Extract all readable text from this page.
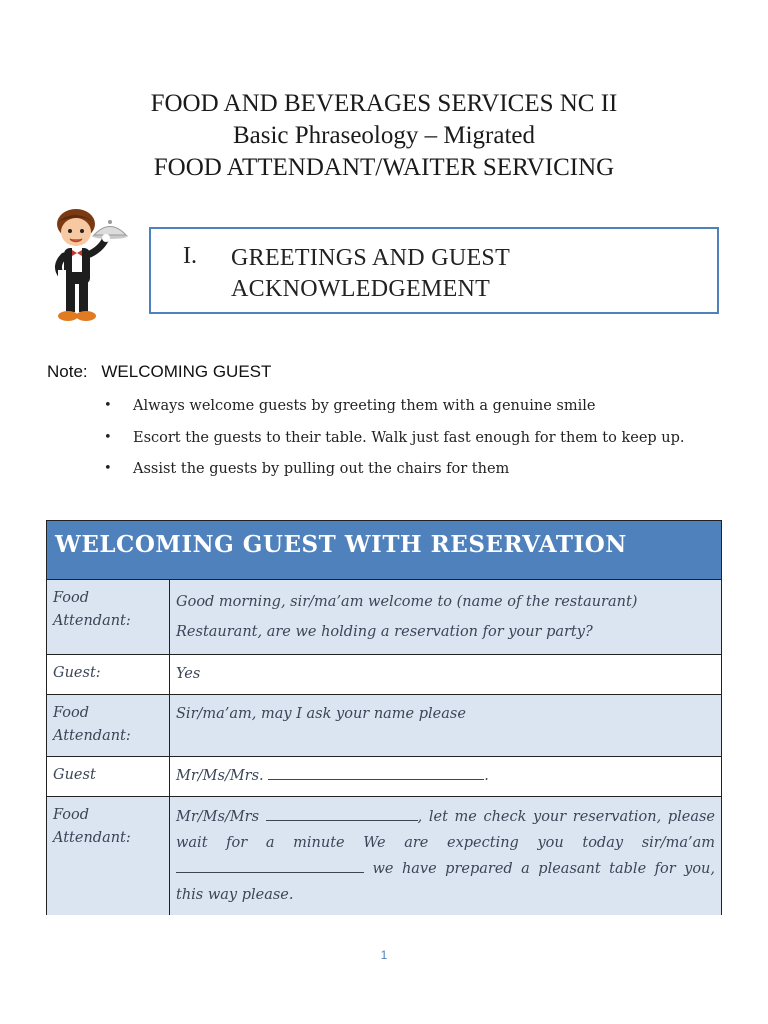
FOOD AND BEVERAGES SERVICES NC II
Basic Phraseology – Migrated
FOOD ATTENDANT/WAITER SERVICING
I. GREETINGS AND GUEST
ACKNOWLEDGEMENT
Note: WELCOMING GUEST
• Always welcome guests by greeting them with a genuine smile
• Escort the guests to their table. Walk just fast enough for them to keep up.
• Assist the guests by pulling out the chairs for them
WELCOMING GUEST WITH RESERVATION	

Food
Attendant:	Good morning, sir/ma’am welcome to (name of the restaurant) Restaurant, are we holding a reservation for your party?
Guest:	Yes

Food
Attendant:	Sir/ma’am, may I ask your name please
Guest	Mr/Ms/Mrs. .

Food
Attendant:	Mr/Ms/Mrs , let me check your reservation, please wait for a minute We are expecting you today sir/ma’am  we have prepared a pleasant table for you, this way please.
1
